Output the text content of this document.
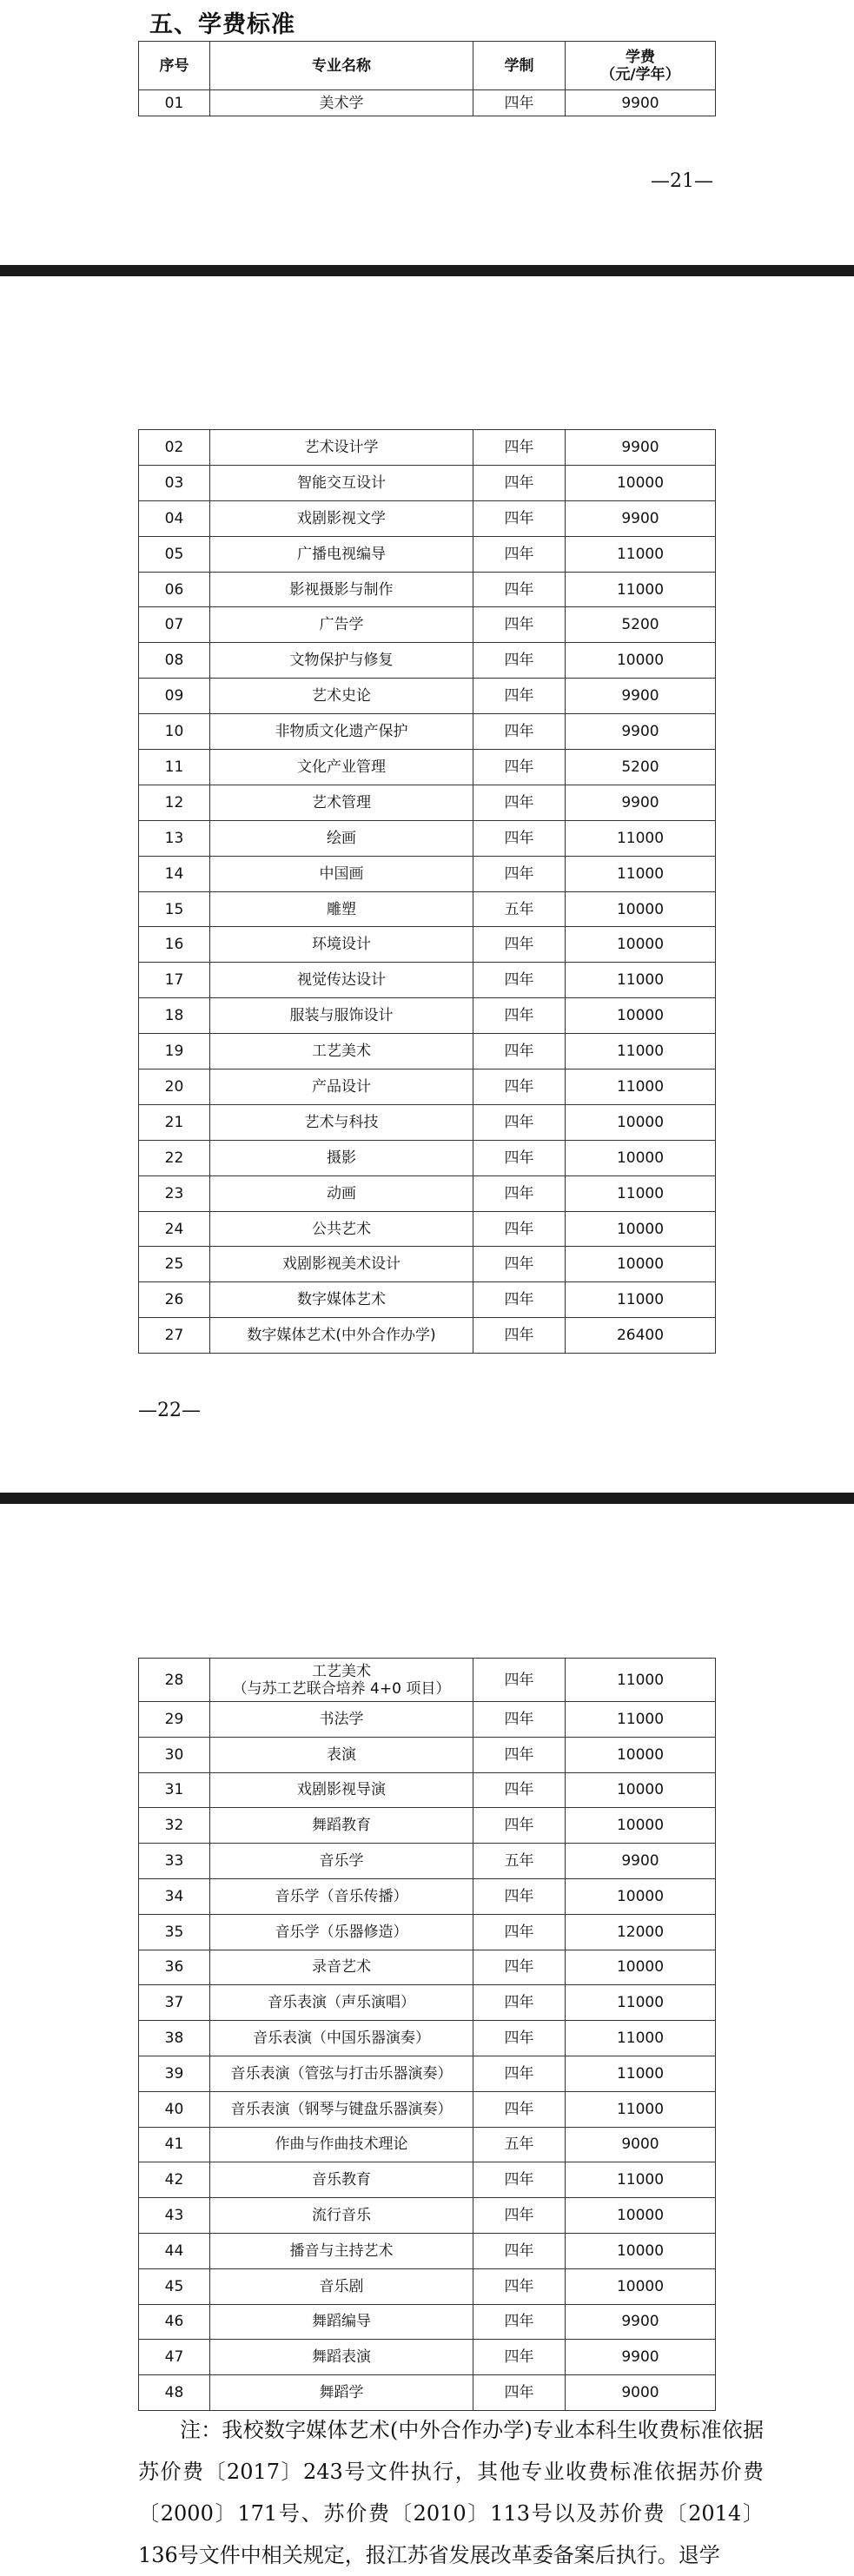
五、学费标准
序号	专业名称	学制	学费
（元/学年）

01	美术学	四年	9900
—21—
02	艺术设计学	四年	9900
03	智能交互设计	四年	10000
04	戏剧影视文学	四年	9900
05	广播电视编导	四年	11000
06	影视摄影与制作	四年	11000
07	广告学	四年	5200
08	文物保护与修复	四年	10000
09	艺术史论	四年	9900
10	非物质文化遗产保护	四年	9900
11	文化产业管理	四年	5200
12	艺术管理	四年	9900
13	绘画	四年	11000
14	中国画	四年	11000
15	雕塑	五年	10000
16	环境设计	四年	10000
17	视觉传达设计	四年	11000
18	服装与服饰设计	四年	10000
19	工艺美术	四年	11000
20	产品设计	四年	11000
21	艺术与科技	四年	10000
22	摄影	四年	10000
23	动画	四年	11000
24	公共艺术	四年	10000
25	戏剧影视美术设计	四年	10000
26	数字媒体艺术	四年	11000
27	数字媒体艺术(中外合作办学)	四年	26400
—22—
28	工艺美术
（与苏工艺联合培养 4+0 项目）	四年	11000
29	书法学	四年	11000
30	表演	四年	10000
31	戏剧影视导演	四年	10000
32	舞蹈教育	四年	10000
33	音乐学	五年	9900
34	音乐学（音乐传播）	四年	10000
35	音乐学（乐器修造）	四年	12000
36	录音艺术	四年	10000
37	音乐表演（声乐演唱）	四年	11000
38	音乐表演（中国乐器演奏）	四年	11000
39	音乐表演（管弦与打击乐器演奏）	四年	11000
40	音乐表演（钢琴与键盘乐器演奏）	四年	11000
41	作曲与作曲技术理论	五年	9000
42	音乐教育	四年	11000
43	流行音乐	四年	10000
44	播音与主持艺术	四年	10000
45	音乐剧	四年	10000
46	舞蹈编导	四年	9900
47	舞蹈表演	四年	9900
48	舞蹈学	四年	9000
注：我校数字媒体艺术(中外合作办学)专业本科生收费标准依据苏价费〔2017〕243号文件执行，其他专业收费标准依据苏价费〔2000〕171号、苏价费〔2010〕113号以及苏价费〔2014〕136号文件中相关规定，报江苏省发展改革委备案后执行。退学
